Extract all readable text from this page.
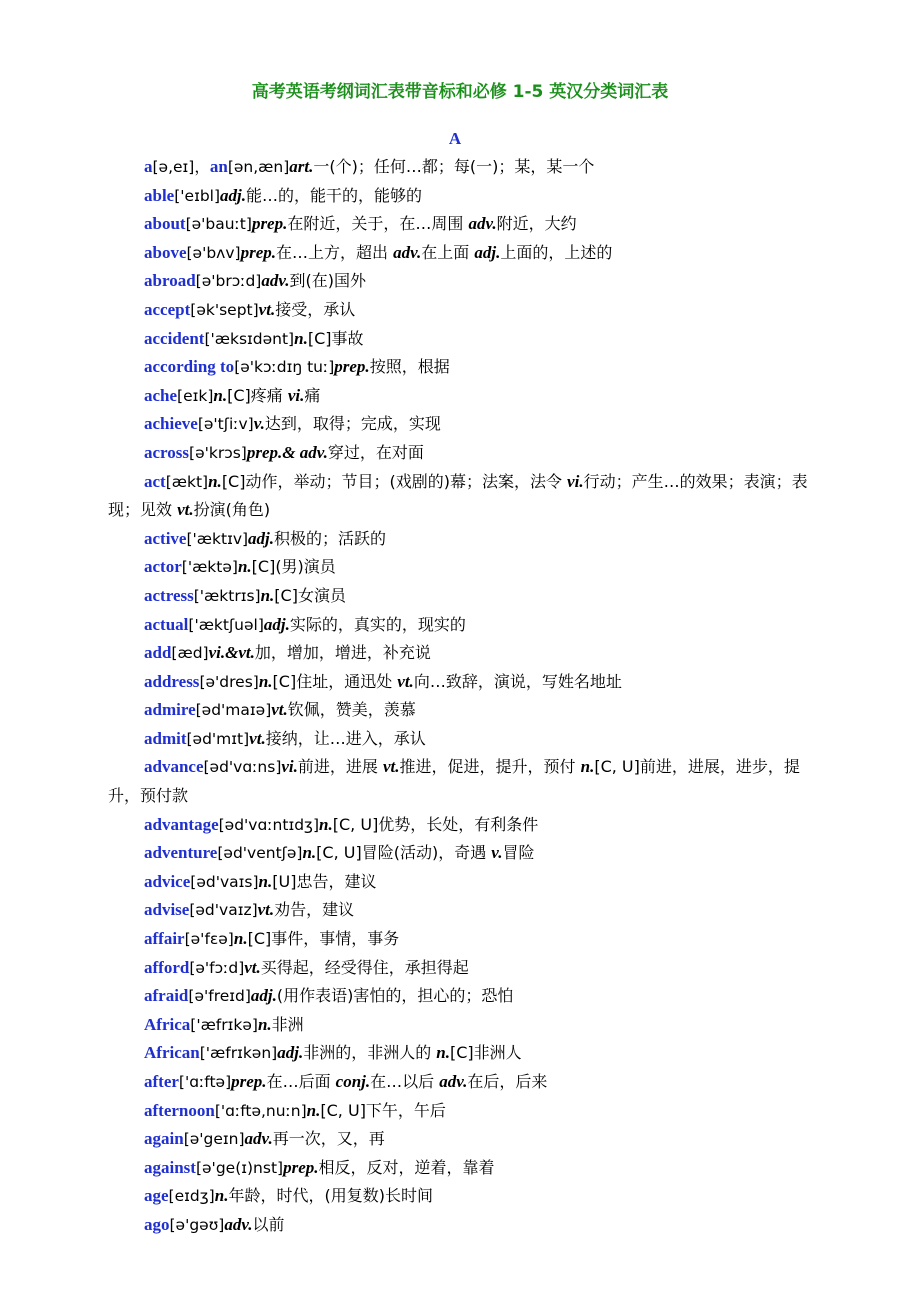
高考英语考纲词汇表带音标和必修 1-5 英汉分类词汇表
A
a[ə,eɪ]，an[ən,æn]art.一(个)；任何…都；每(一)；某，某一个
able['eɪbl]adj.能…的，能干的，能够的
about[ə'bauːt]prep.在附近，关于，在…周围 adv.附近，大约
above[ə'bʌv]prep.在…上方，超出 adv.在上面 adj.上面的，上述的
abroad[ə'brɔːd]adv.到(在)国外
accept[ək'sept]vt.接受，承认
accident['æksɪdənt]n.[C]事故
according to[ə'kɔːdɪŋ tuː]prep.按照，根据
ache[eɪk]n.[C]疼痛 vi.痛
achieve[ə'tʃiːv]v.达到，取得；完成，实现
across[ə'krɔs]prep.& adv.穿过，在对面
act[ækt]n.[C]动作，举动；节目；(戏剧的)幕；法案，法令 vi.行动；产生…的效果；表演；表现；见效 vt.扮演(角色)
active['æktɪv]adj.积极的；活跃的
actor['æktə]n.[C](男)演员
actress['æktrɪs]n.[C]女演员
actual['æktʃuəl]adj.实际的，真实的，现实的
add[æd]vi.&vt.加，增加，增进，补充说
address[ə'dres]n.[C]住址，通迅处 vt.向…致辞，演说，写姓名地址
admire[əd'maɪə]vt.钦佩，赞美，羡慕
admit[əd'mɪt]vt.接纳，让…进入，承认
advance[əd'vɑːns]vi.前进，进展 vt.推进，促进，提升，预付 n.[C, U]前进，进展，进步，提升，预付款
advantage[əd'vɑːntɪdʒ]n.[C, U]优势，长处，有利条件
adventure[əd'ventʃə]n.[C, U]冒险(活动)，奇遇 v.冒险
advice[əd'vaɪs]n.[U]忠告，建议
advise[əd'vaɪz]vt.劝告，建议
affair[ə'fɛə]n.[C]事件，事情，事务
afford[ə'fɔːd]vt.买得起，经受得住，承担得起
afraid[ə'freɪd]adj.(用作表语)害怕的，担心的；恐怕
Africa['æfrɪkə]n.非洲
African['æfrɪkən]adj.非洲的，非洲人的 n.[C]非洲人
after['ɑːftə]prep.在…后面 conj.在…以后 adv.在后，后来
afternoon['ɑːftə,nuːn]n.[C, U]下午，午后
again[ə'geɪn]adv.再一次，又，再
against[ə'ge(ɪ)nst]prep.相反，反对，逆着，靠着
age[eɪdʒ]n.年龄，时代，(用复数)长时间
ago[ə'gəʊ]adv.以前
